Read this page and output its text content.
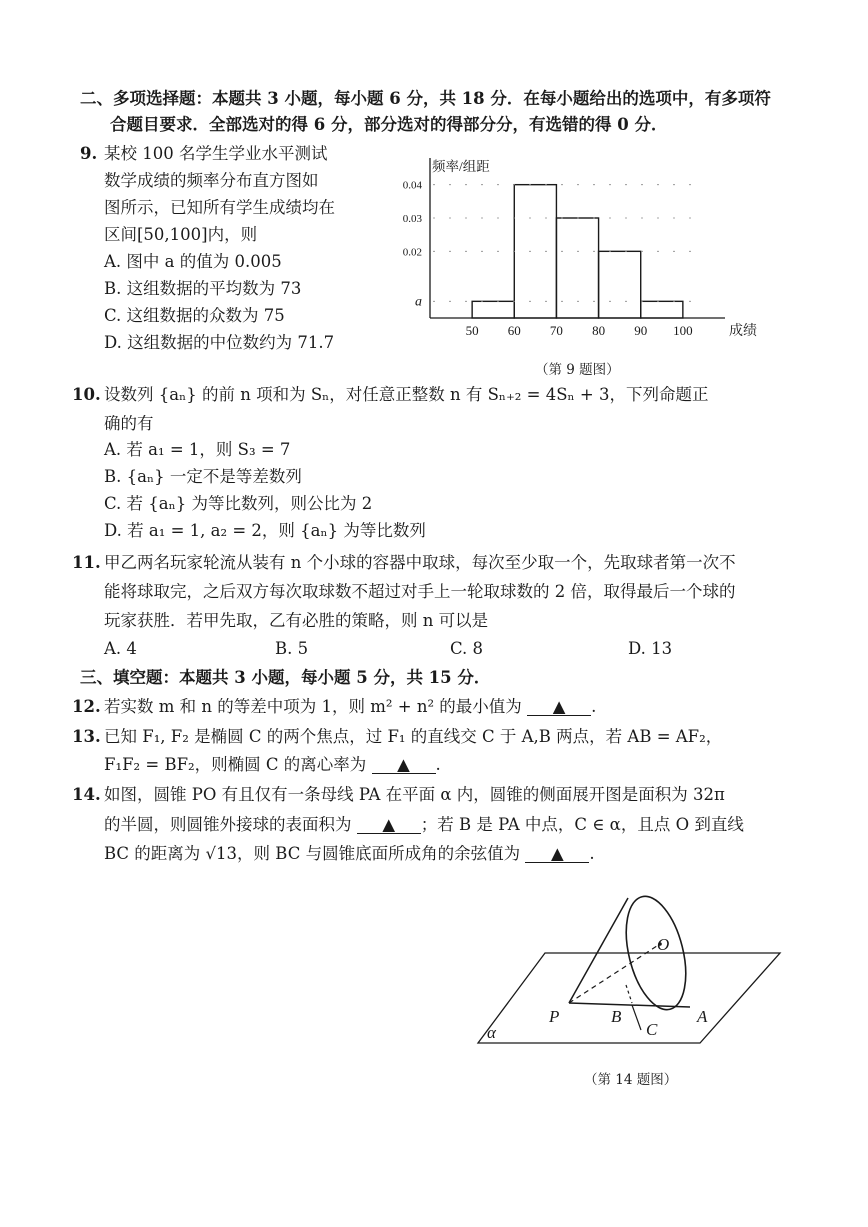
二、多项选择题：本题共 3 小题，每小题 6 分，共 18 分．在每小题给出的选项中，有多项符
合题目要求．全部选对的得 6 分，部分选对的得部分分，有选错的得 0 分．
9. 某校 100 名学生学业水平测试
数学成绩的频率分布直方图如
图所示，已知所有学生成绩均在
区间[50,100]内，则
A. 图中 a 的值为 0.005
B. 这组数据的平均数为 73
C. 这组数据的众数为 75
D. 这组数据的中位数约为 71.7
a
0.02
0.03
0.04
50 60 70 80 90 100
频率/组距
成绩
（第 9 题图）
10. 设数列 {aₙ} 的前 n 项和为 Sₙ，对任意正整数 n 有 Sₙ₊₂ = 4Sₙ + 3，下列命题正
确的有
A. 若 a₁ = 1，则 S₃ = 7
B. {aₙ} 一定不是等差数列
C. 若 {aₙ} 为等比数列，则公比为 2
D. 若 a₁ = 1, a₂ = 2，则 {aₙ} 为等比数列
11. 甲乙两名玩家轮流从装有 n 个小球的容器中取球，每次至少取一个，先取球者第一次不
能将球取完，之后双方每次取球数不超过对手上一轮取球数的 2 倍，取得最后一个球的
玩家获胜．若甲先取，乙有必胜的策略，则 n 可以是
A. 4	B. 5	C. 8	D. 13
三、填空题：本题共 3 小题，每小题 5 分，共 15 分．
12. 若实数 m 和 n 的等差中项为 1，则 m² + n² 的最小值为 ▲ .
13. 已知 F₁, F₂ 是椭圆 C 的两个焦点，过 F₁ 的直线交 C 于 A,B 两点，若 AB = AF₂，
F₁F₂ = BF₂，则椭圆 C 的离心率为 ▲ .
14. 如图，圆锥 PO 有且仅有一条母线 PA 在平面 α 内，圆锥的侧面展开图是面积为 32π
的半圆，则圆锥外接球的表面积为 ▲ ；若 B 是 PA 中点，C ∈ α，且点 O 到直线
BC 的距离为 √13，则 BC 与圆锥底面所成角的余弦值为 ▲ .
O
P	B
C
A
α
（第 14 题图）
